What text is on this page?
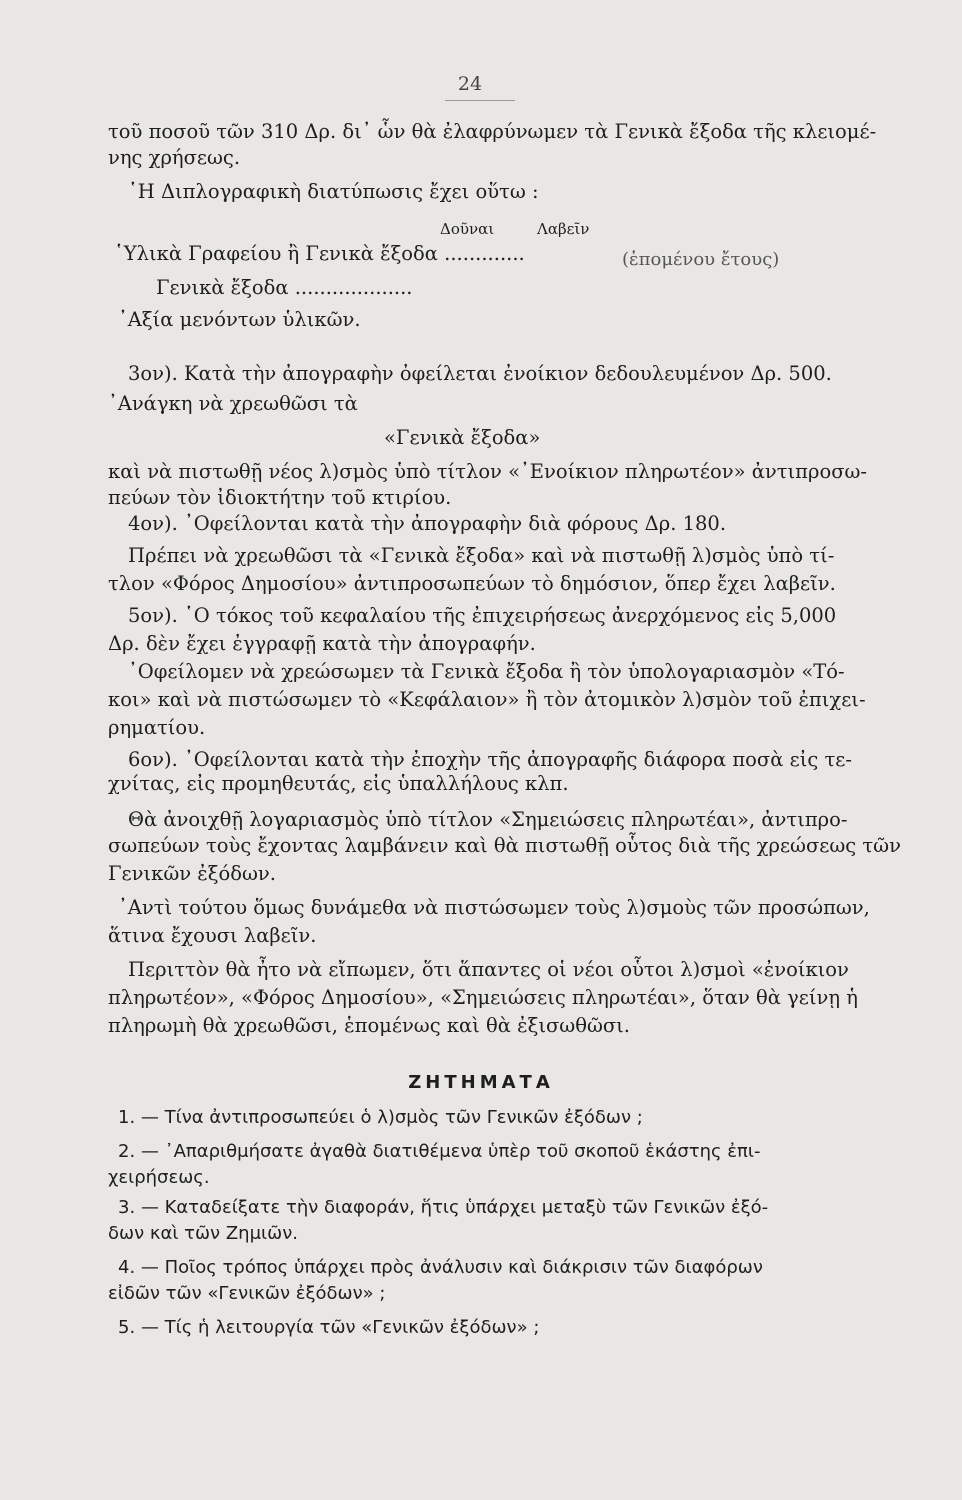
24
τοῦ ποσοῦ τῶν 310 Δρ. δι᾽ ὧν θὰ ἐλαφρύνωμεν τὰ Γενικὰ ἔξοδα τῆς κλειομέ-
νης χρήσεως.
῾Η Διπλογραφικὴ διατύπωσις ἔχει οὕτω :
Δοῦναι	Λαβεῖν
῾Υλικὰ Γραφείου ἢ Γενικὰ ἔξοδα .............	(ἑπομένου ἔτους)
Γενικὰ ἔξοδα ...................
᾽Αξία μενόντων ὑλικῶν.
3ον). Κατὰ τὴν ἀπογραφὴν ὀφείλεται ἐνοίκιον δεδουλευμένον Δρ. 500.
᾽Ανάγκη νὰ χρεωθῶσι τὰ
«Γενικὰ ἔξοδα»
καὶ νὰ πιστωθῇ νέος λ)σμὸς ὑπὸ τίτλον «᾽Ενοίκιον πληρωτέον» ἀντιπροσω-
πεύων τὸν ἰδιοκτήτην τοῦ κτιρίου.
4ον). ᾽Οφείλονται κατὰ τὴν ἀπογραφὴν διὰ φόρους Δρ. 180.
Πρέπει νὰ χρεωθῶσι τὰ «Γενικὰ ἔξοδα» καὶ νὰ πιστωθῇ λ)σμὸς ὑπὸ τί-
τλον «Φόρος Δημοσίου» ἀντιπροσωπεύων τὸ δημόσιον, ὅπερ ἔχει λαβεῖν.
5ον). ῾Ο τόκος τοῦ κεφαλαίου τῆς ἐπιχειρήσεως ἀνερχόμενος εἰς 5,000
Δρ. δὲν ἔχει ἐγγραφῇ κατὰ τὴν ἀπογραφήν.
᾽Οφείλομεν νὰ χρεώσωμεν τὰ Γενικὰ ἔξοδα ἢ τὸν ὑπολογαριασμὸν «Τό-
κοι» καὶ νὰ πιστώσωμεν τὸ «Κεφάλαιον» ἢ τὸν ἀτομικὸν λ)σμὸν τοῦ ἐπιχει-
ρηματίου.
6ον). ᾽Οφείλονται κατὰ τὴν ἐποχὴν τῆς ἀπογραφῆς διάφορα ποσὰ εἰς τε-
χνίτας, εἰς προμηθευτάς, εἰς ὑπαλλήλους κλπ.
Θὰ ἀνοιχθῇ λογαριασμὸς ὑπὸ τίτλον «Σημειώσεις πληρωτέαι», ἀντιπρο-
σωπεύων τοὺς ἔχοντας λαμβάνειν καὶ θὰ πιστωθῇ οὗτος διὰ τῆς χρεώσεως τῶν
Γενικῶν ἐξόδων.
᾽Αντὶ τούτου ὅμως δυνάμεθα νὰ πιστώσωμεν τοὺς λ)σμοὺς τῶν προσώπων,
ἅτινα ἔχουσι λαβεῖν.
Περιττὸν θὰ ἦτο νὰ εἴπωμεν, ὅτι ἅπαντες οἱ νέοι οὗτοι λ)σμοὶ «ἐνοίκιον
πληρωτέον», «Φόρος Δημοσίου», «Σημειώσεις πληρωτέαι», ὅταν θὰ γείνῃ ἡ
πληρωμὴ θὰ χρεωθῶσι, ἑπομένως καὶ θὰ ἐξισωθῶσι.
ΖΗΤΗΜΑΤΑ
1. — Τίνα ἀντιπροσωπεύει ὁ λ)σμὸς τῶν Γενικῶν ἐξόδων ;
2. — ᾽Απαριθμήσατε ἀγαθὰ διατιθέμενα ὑπὲρ τοῦ σκοποῦ ἑκάστης ἐπι-
χειρήσεως.
3. — Καταδείξατε τὴν διαφοράν, ἥτις ὑπάρχει μεταξὺ τῶν Γενικῶν ἐξό-
δων καὶ τῶν Ζημιῶν.
4. — Ποῖος τρόπος ὑπάρχει πρὸς ἀνάλυσιν καὶ διάκρισιν τῶν διαφόρων
εἰδῶν τῶν «Γενικῶν ἐξόδων» ;
5. — Τίς ἡ λειτουργία τῶν «Γενικῶν ἐξόδων» ;
